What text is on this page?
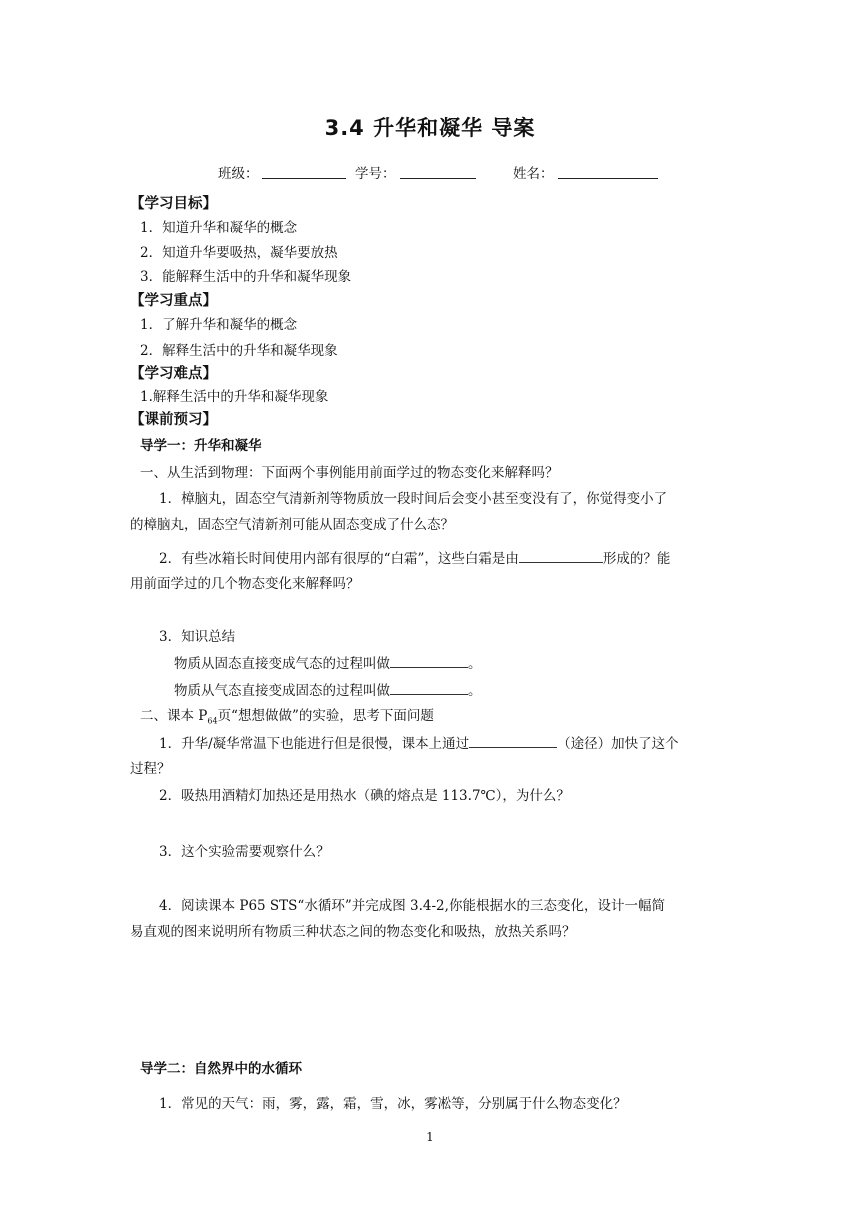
3.4 升华和凝华 导案
班级：	学号：	姓名：
【学习目标】
1．知道升华和凝华的概念
2．知道升华要吸热，凝华要放热
3．能解释生活中的升华和凝华现象
【学习重点】
1．了解升华和凝华的概念
2．解释生活中的升华和凝华现象
【学习难点】
1.解释生活中的升华和凝华现象
【课前预习】
导学一：升华和凝华
一、从生活到物理：下面两个事例能用前面学过的物态变化来解释吗？
1．樟脑丸，固态空气清新剂等物质放一段时间后会变小甚至变没有了，你觉得变小了
的樟脑丸，固态空气清新剂可能从固态变成了什么态？
2．有些冰箱长时间使用内部有很厚的“白霜”，这些白霜是由	形成的？能
用前面学过的几个物态变化来解释吗？
3．知识总结
物质从固态直接变成气态的过程叫做	。
物质从气态直接变成固态的过程叫做	。
二、课本 $P_{64}$页“想想做做”的实验，思考下面问题
1．升华/凝华常温下也能进行但是很慢，课本上通过	（途径）加快了这个
过程？
2．吸热用酒精灯加热还是用热水（碘的熔点是 113.7℃），为什么？
3．这个实验需要观察什么？
4．阅读课本 P65 STS“水循环”并完成图 3.4-2,你能根据水的三态变化，设计一幅简
易直观的图来说明所有物质三种状态之间的物态变化和吸热，放热关系吗？
导学二：自然界中的水循环
1．常见的天气：雨，雾，露，霜，雪，冰，雾凇等，分别属于什么物态变化？
1
